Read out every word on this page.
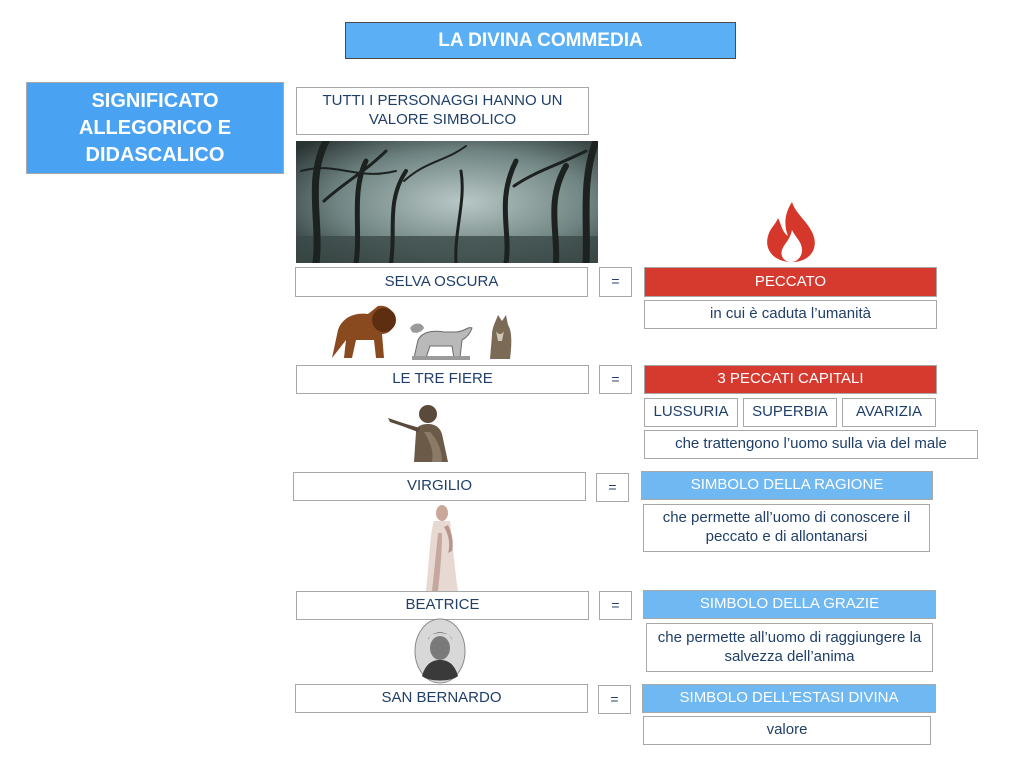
LA DIVINA COMMEDIA
SIGNIFICATO ALLEGORICO E DIDASCALICO
TUTTI I PERSONAGGI HANNO UN VALORE SIMBOLICO
SELVA OSCURA	=	PECCATO
in cui è caduta l’umanità
LE TRE FIERE	=	3 PECCATI CAPITALI
LUSSURIA	SUPERBIA	AVARIZIA
che trattengono l’uomo sulla via del male
VIRGILIO	=	SIMBOLO DELLA RAGIONE
che permette all’uomo di conoscere il peccato e di allontanarsi
BEATRICE	=	SIMBOLO DELLA GRAZIE
che permette all’uomo di raggiungere la salvezza dell’anima
SAN BERNARDO	=	SIMBOLO DELL’ESTASI DIVINA
valore
